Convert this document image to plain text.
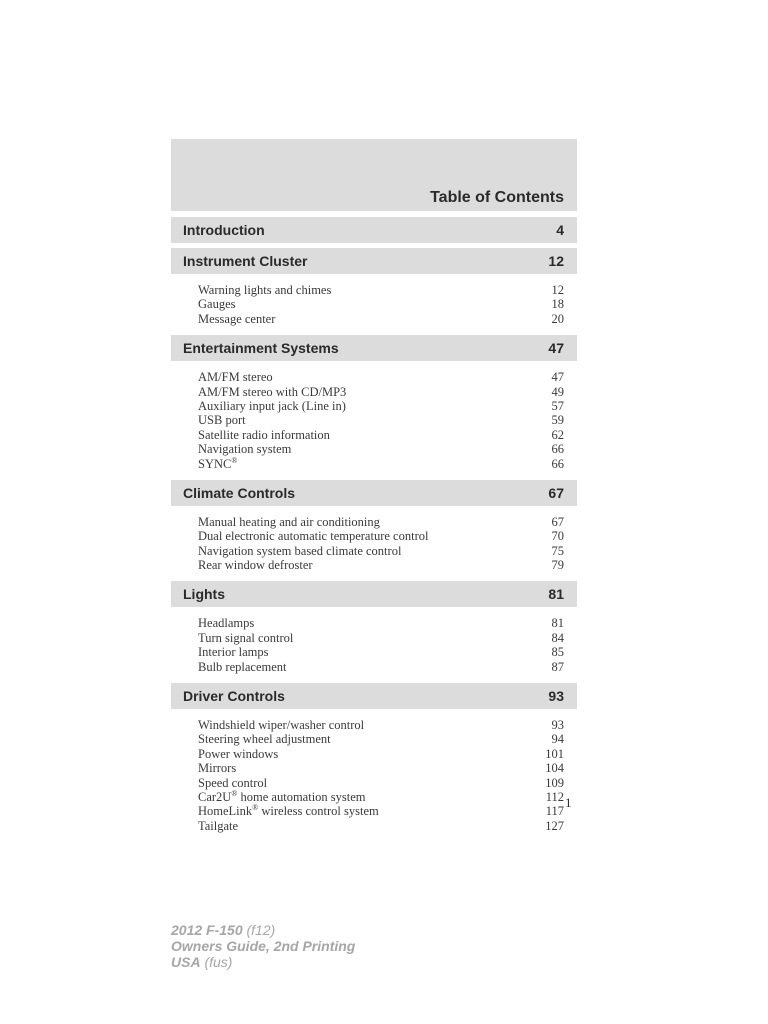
Table of Contents
Introduction	4
Instrument Cluster	12
Warning lights and chimes	12
Gauges	18
Message center	20
Entertainment Systems	47
AM/FM stereo	47
AM/FM stereo with CD/MP3	49
Auxiliary input jack (Line in)	57
USB port	59
Satellite radio information	62
Navigation system	66
SYNC®	66
Climate Controls	67
Manual heating and air conditioning	67
Dual electronic automatic temperature control	70
Navigation system based climate control	75
Rear window defroster	79
Lights	81
Headlamps	81
Turn signal control	84
Interior lamps	85
Bulb replacement	87
Driver Controls	93
Windshield wiper/washer control	93
Steering wheel adjustment	94
Power windows	101
Mirrors	104
Speed control	109
Car2U® home automation system	112
HomeLink® wireless control system	117
Tailgate	127
1
2012 F-150 (f12)
Owners Guide, 2nd Printing
USA (fus)
